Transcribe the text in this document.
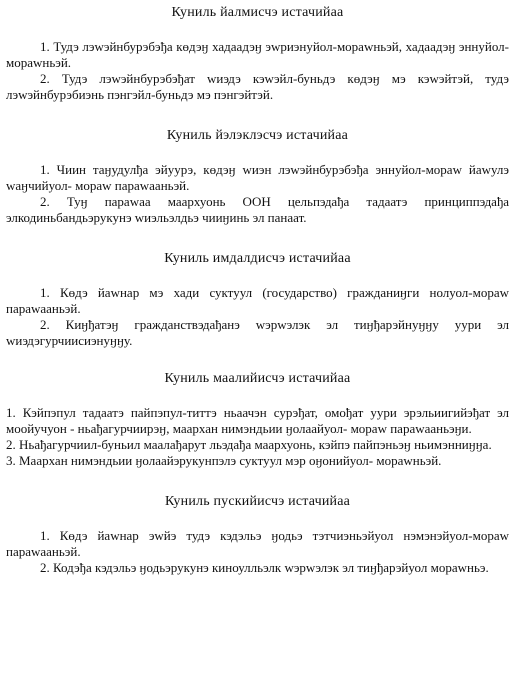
Куниль йалмисчэ истачийаа

1. Тудэ лэwэйнбурэбэђа көдэӈ хадаадэӈ эwриэнуйол-мораwньэй, хадаадэӈ эннуйол-мораwньэй.

2. Тудэ лэwэйнбурэбэђат wиэдэ кэwэйл-буньдэ көдэӈ мэ кэwэйтэй, тудэ лэwэйнбурэбиэнь пэнгэйл-буньдэ мэ пэнгэйтэй.

Куниль йэлэклэсчэ истачийаа

1. Чиин таӈудулђа эйуурэ, көдэӈ wиэн лэwэйнбурэбэђа эннуйол-мораw йаwулэ wаӈчийуол- мораw параwааньэй.

2. Туӈ параwаа маархуонь ООН цельпэдађа тадаатэ принциппэдађа элкодиньбандьэрукунэ wиэльэлдьэ чииӈинь эл панаат.

Куниль имдалдисчэ истачийаа

1. Көдэ йаwнар мэ хади суктуул (государство) гражданиӈги нолуол-мораw параwааньэй.

2. Киӈђатэӈ гражданствэдађанэ wэрwэлэк эл тиӈђарэйнуӈӈу уури эл wиэдэгурчиисиэнуӈӈу.

Куниль маалийисчэ истачийаа

1. Кэйпэпул тадаатэ пайпэпул-титтэ ньаачэн сурэђат, омођат уури эрэльиигийэђат эл моойучуон - ньађагурчиирэӈ, маархан нимэндьии ӈолаайуол- мораw параwааньэӈи.

2. Ньађагурчиил-буньил маалађарут льэдађа маархуонь, кэйпэ пайпэньэӈ ньимэнниӈӈа.

3. Маархан нимэндьии ӈолаайэрукунпэлэ суктуул мэр оӈонийуол- мораwньэй.

Куниль пускийисчэ истачийаа

1. Көдэ йаwнар эwйэ тудэ кэдэльэ ӈодьэ тэтчиэньэйуол нэмэнэйуол-мораw параwааньэй.

2. Кодэђа кэдэльэ ӈодьэрукунэ киноулльэлк wэрwэлэк эл тиӈђарэйуол мораwньэ.
